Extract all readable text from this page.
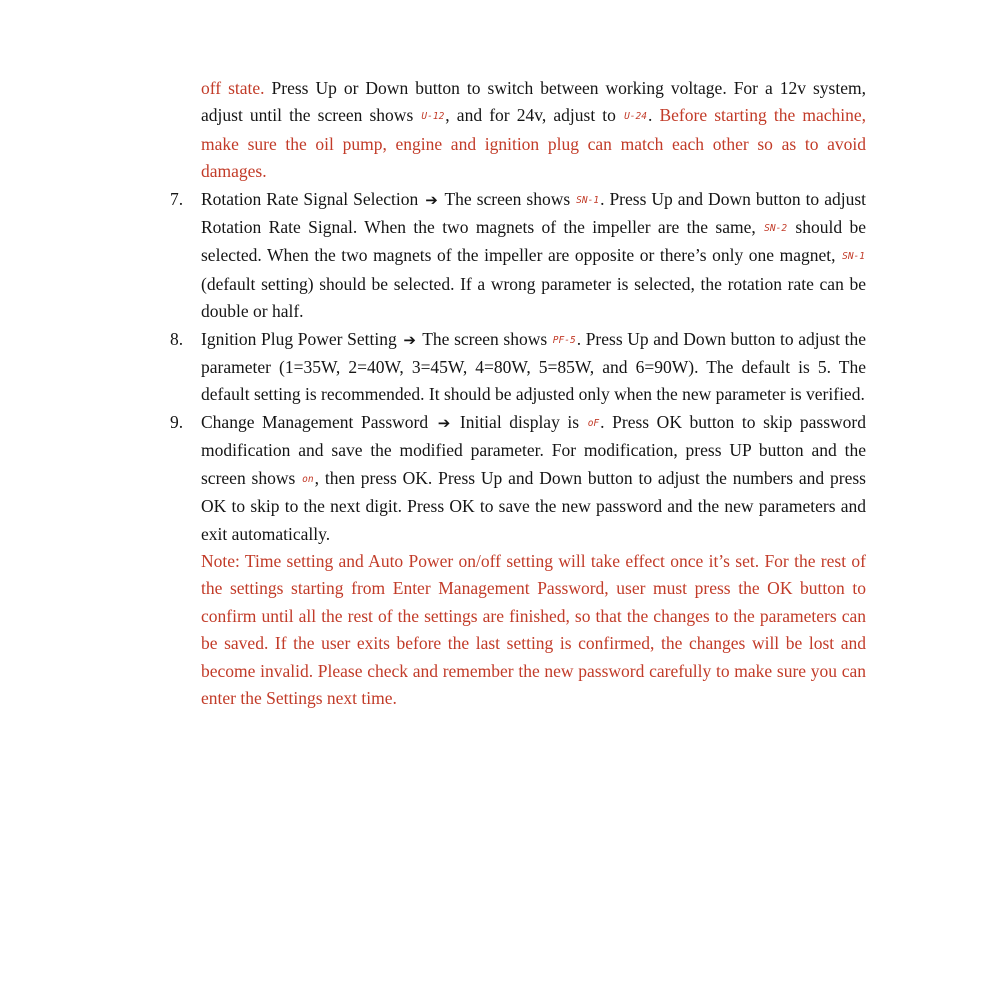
off state. Press Up or Down button to switch between working voltage. For a 12v system, adjust until the screen shows U-12, and for 24v, adjust to U-24. Before starting the machine, make sure the oil pump, engine and ignition plug can match each other so as to avoid damages.

7.	Rotation Rate Signal Selection ➔ The screen shows SN-1. Press Up and Down button to adjust Rotation Rate Signal. When the two magnets of the impeller are the same, SN-2 should be selected. When the two magnets of the impeller are opposite or there’s only one magnet, SN-1 (default setting) should be selected. If a wrong parameter is selected, the rotation rate can be double or half.
8.	Ignition Plug Power Setting ➔ The screen shows PF-5. Press Up and Down button to adjust the parameter (1=35W, 2=40W, 3=45W, 4=80W, 5=85W, and 6=90W). The default is 5. The default setting is recommended. It should be adjusted only when the new parameter is verified.
9.	Change Management Password ➔ Initial display is oF. Press OK button to skip password modification and save the modified parameter. For modification, press UP button and the screen shows on, then press OK. Press Up and Down button to adjust the numbers and press OK to skip to the next digit. Press OK to save the new password and the new parameters and exit automatically.

Note: Time setting and Auto Power on/off setting will take effect once it’s set. For the rest of the settings starting from Enter Management Password, user must press the OK button to confirm until all the rest of the settings are finished, so that the changes to the parameters can be saved. If the user exits before the last setting is confirmed, the changes will be lost and become invalid. Please check and remember the new password carefully to make sure you can enter the Settings next time.
